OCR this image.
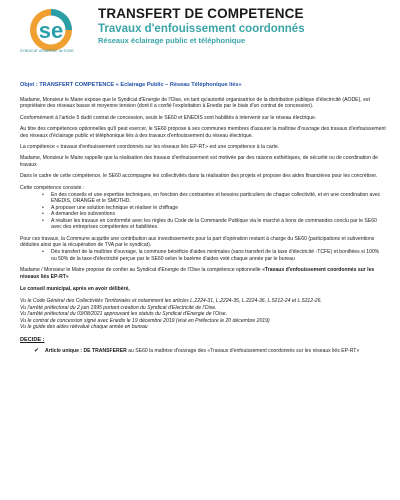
se
SYNDICAT d'ÉNERGIE de l'OISE
TRANSFERT DE COMPETENCE
Travaux d'enfouissement coordonnés
Réseaux éclairage public et téléphonique
Objet : TRANSFERT COMPETENCE « Eclairage Public – Réseau Téléphonique liés»

Madame, Monsieur le Maire expose que le Syndicat d'Energie de l'Oise, en tant qu'autorité organisatrice de la distribution publique d'électricité (AODE), est propriétaire des réseaux basse et moyenne tension (dont il a confié l'exploitation à Enedis par le biais d'un contrat de concession).

Conformément à l'article 5 dudit contrat de concession, seuls le SE60 et ENEDIS sont habilités à intervenir sur le réseau électrique.

Au titre des compétences optionnelles qu'il peut exercer, le SE60 propose à ses communes membres d'assurer la maîtrise d'ouvrage des travaux d'enfouissement des réseaux d'éclairage public et téléphonique liés à des travaux d'enfouissement du réseau électrique.

La compétence « travaux d'enfouissement coordonnés sur les réseaux liés EP-RT» est une compétence à la carte.

Madame, Monsieur le Maire rappelle que la réalisation des travaux d'enfouissement est motivée par des raisons esthétiques, de sécurité ou de coordination de travaux

Dans le cadre de cette compétence, le SE60 accompagne les collectivités dans la réalisation des projets et propose des aides financières pour les concrétiser.

Cette compétence consiste :

• En des conseils et une expertise techniques, en fonction des contraintes et besoins particuliers de chaque collectivité, et en une coordination avec ENEDIS, ORANGE et le SMOTHD.
• A proposer une solution technique et réaliser le chiffrage
• A demander les subventions
• A réaliser les travaux en conformité avec les règles du Code de la Commande Publique via le marché à bons de commandes conclu par le SE60 avec des entreprises compétentes et habilitées.

Pour ces travaux, la Commune acquitte une contribution aux investissements pour la part d'opération restant à charge du SE60 (participations et subventions déduites ainsi que la récupération de TVA par le syndicat).

• Dès transfert de la maîtrise d'ouvrage, la commune bénéficie d'aides minimales (sans transfert de la taxe d'électricité -TCFE) et bonifiées si 100% ou 50% de la taxe d'électricité perçue par le SE60 selon le barème d'aides voté chaque année par le bureau

Madame / Monsieur le Maire propose de confier au Syndicat d'Energie de l'Oise la compétence optionnelle «Travaux d'enfouissement coordonnés sur les réseaux liés EP-RT»

Le conseil municipal, après en avoir délibéré,

Vu le Code Général des Collectivités Territoriales et notamment les articles L.2224-31, L.2224-35, L.2224-36, L.5212-24 et L.5212-26.
Vu l'arrêté préfectoral du 2 juin 1995 portant création du Syndicat d'Electricité de l'Oise.
Vu l'arrêté préfectoral du 03/08/2021 approuvant les statuts du Syndicat d'Energie de l'Oise.
Vu le contrat de concession signé avec Enedis le 19 décembre 2019 (visé en Préfecture le 20 décembre 2019)
Vu le guide des aides réévalué chaque année en bureau
DECIDE :
✔ Article unique : DE TRANSFERER au SE60 la maîtrise d'ouvrage des «Travaux d'enfouissement coordonnés sur les réseaux liés EP-RT»
